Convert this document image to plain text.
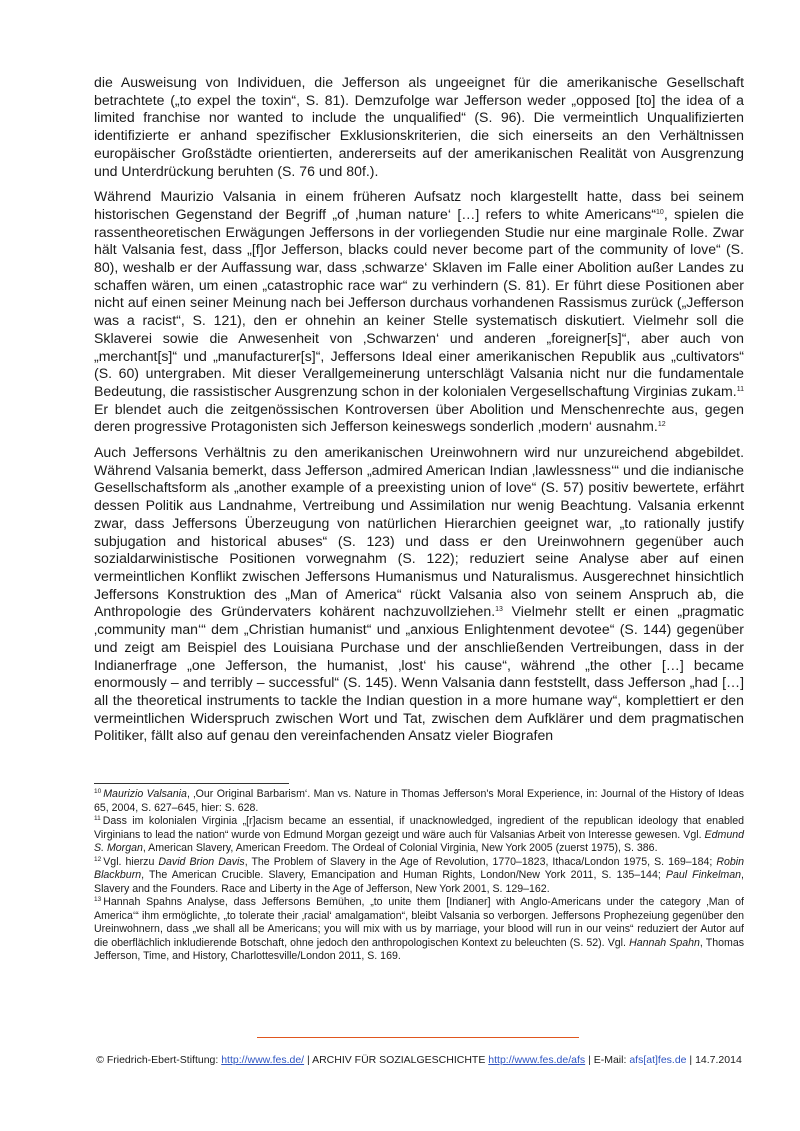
die Ausweisung von Individuen, die Jefferson als ungeeignet für die amerikanische Gesellschaft betrachtete („to expel the toxin“, S. 81). Demzufolge war Jefferson weder „opposed [to] the idea of a limited franchise nor wanted to include the unqualified“ (S. 96). Die vermeintlich Unqualifizierten identifizierte er anhand spezifischer Exklusionskriterien, die sich einerseits an den Verhältnissen europäischer Großstädte orientierten, andererseits auf der amerikanischen Realität von Ausgrenzung und Unterdrückung beruhten (S. 76 und 80f.).

Während Maurizio Valsania in einem früheren Aufsatz noch klargestellt hatte, dass bei seinem historischen Gegenstand der Begriff „of ‚human nature‘ […] refers to white Americans“$^{10}$, spielen die rassentheoretischen Erwägungen Jeffersons in der vorliegenden Studie nur eine marginale Rolle. Zwar hält Valsania fest, dass „[f]or Jefferson, blacks could never become part of the community of love“ (S. 80), weshalb er der Auffassung war, dass ‚schwarze‘ Sklaven im Falle einer Abolition außer Landes zu schaffen wären, um einen „catastrophic race war“ zu verhindern (S. 81). Er führt diese Positionen aber nicht auf einen seiner Meinung nach bei Jefferson durchaus vorhandenen Rassismus zurück („Jefferson was a racist“, S. 121), den er ohnehin an keiner Stelle systematisch diskutiert. Vielmehr soll die Sklaverei sowie die Anwesenheit von ‚Schwarzen‘ und anderen „foreigner[s]“, aber auch von „merchant[s]“ und „manufacturer[s]“, Jeffersons Ideal einer amerikanischen Republik aus „cultivators“ (S. 60) untergraben. Mit dieser Verallgemeinerung unterschlägt Valsania nicht nur die fundamentale Bedeutung, die rassistischer Ausgrenzung schon in der kolonialen Vergesellschaftung Virginias zukam.$^{11}$ Er blendet auch die zeitgenössischen Kontroversen über Abolition und Menschenrechte aus, gegen deren progressive Protagonisten sich Jefferson keineswegs sonderlich ‚modern‘ ausnahm.$^{12}$

Auch Jeffersons Verhältnis zu den amerikanischen Ureinwohnern wird nur unzureichend abgebildet. Während Valsania bemerkt, dass Jefferson „admired American Indian ‚lawlessness‘“ und die indianische Gesellschaftsform als „another example of a preexisting union of love“ (S. 57) positiv bewertete, erfährt dessen Politik aus Landnahme, Vertreibung und Assimilation nur wenig Beachtung. Valsania erkennt zwar, dass Jeffersons Überzeugung von natürlichen Hierarchien geeignet war, „to rationally justify subjugation and historical abuses“ (S. 123) und dass er den Ureinwohnern gegenüber auch sozialdarwinistische Positionen vorwegnahm (S. 122); reduziert seine Analyse aber auf einen vermeintlichen Konflikt zwischen Jeffersons Humanismus und Naturalismus. Ausgerechnet hinsichtlich Jeffersons Konstruktion des „Man of America“ rückt Valsania also von seinem Anspruch ab, die Anthropologie des Gründervaters kohärent nachzuvollziehen.$^{13}$ Vielmehr stellt er einen „pragmatic ‚community man‘“ dem „Christian humanist“ und „anxious Enlightenment devotee“ (S. 144) gegenüber und zeigt am Beispiel des Louisiana Purchase und der anschließenden Vertreibungen, dass in der Indianerfrage „one Jefferson, the humanist, ‚lost‘ his cause“, während „the other […] became enormously – and terribly – successful“ (S. 145). Wenn Valsania dann feststellt, dass Jefferson „had […] all the theoretical instruments to tackle the Indian question in a more humane way“, komplettiert er den vermeintlichen Widerspruch zwischen Wort und Tat, zwischen dem Aufklärer und dem pragmatischen Politiker, fällt also auf genau den vereinfachenden Ansatz vieler Biografen

$^{10}$ Maurizio Valsania, ‚Our Original Barbarism‘. Man vs. Nature in Thomas Jefferson's Moral Experience, in: Journal of the History of Ideas 65, 2004, S. 627–645, hier: S. 628.

$^{11}$ Dass im kolonialen Virginia „[r]acism became an essential, if unacknowledged, ingredient of the republican ideology that enabled Virginians to lead the nation“ wurde von Edmund Morgan gezeigt und wäre auch für Valsanias Arbeit von Interesse gewesen. Vgl. Edmund S. Morgan, American Slavery, American Freedom. The Ordeal of Colonial Virginia, New York 2005 (zuerst 1975), S. 386.

$^{12}$ Vgl. hierzu David Brion Davis, The Problem of Slavery in the Age of Revolution, 1770–1823, Ithaca/London 1975, S. 169–184; Robin Blackburn, The American Crucible. Slavery, Emancipation and Human Rights, London/New York 2011, S. 135–144; Paul Finkelman, Slavery and the Founders. Race and Liberty in the Age of Jefferson, New York 2001, S. 129–162.

$^{13}$ Hannah Spahns Analyse, dass Jeffersons Bemühen, „to unite them [Indianer] with Anglo-Americans under the category ‚Man of America‘“ ihm ermöglichte, „to tolerate their ‚racial‘ amalgamation“, bleibt Valsania so verborgen. Jeffersons Prophezeiung gegenüber den Ureinwohnern, dass „we shall all be Americans; you will mix with us by marriage, your blood will run in our veins“ reduziert der Autor auf die oberflächlich inkludierende Botschaft, ohne jedoch den anthropologischen Kontext zu beleuchten (S. 52). Vgl. Hannah Spahn, Thomas Jefferson, Time, and History, Charlottesville/London 2011, S. 169.

© Friedrich-Ebert-Stiftung: http://www.fes.de/ | ARCHIV FÜR SOZIALGESCHICHTE http://www.fes.de/afs | E-Mail: afs[at]fes.de | 14.7.2014
